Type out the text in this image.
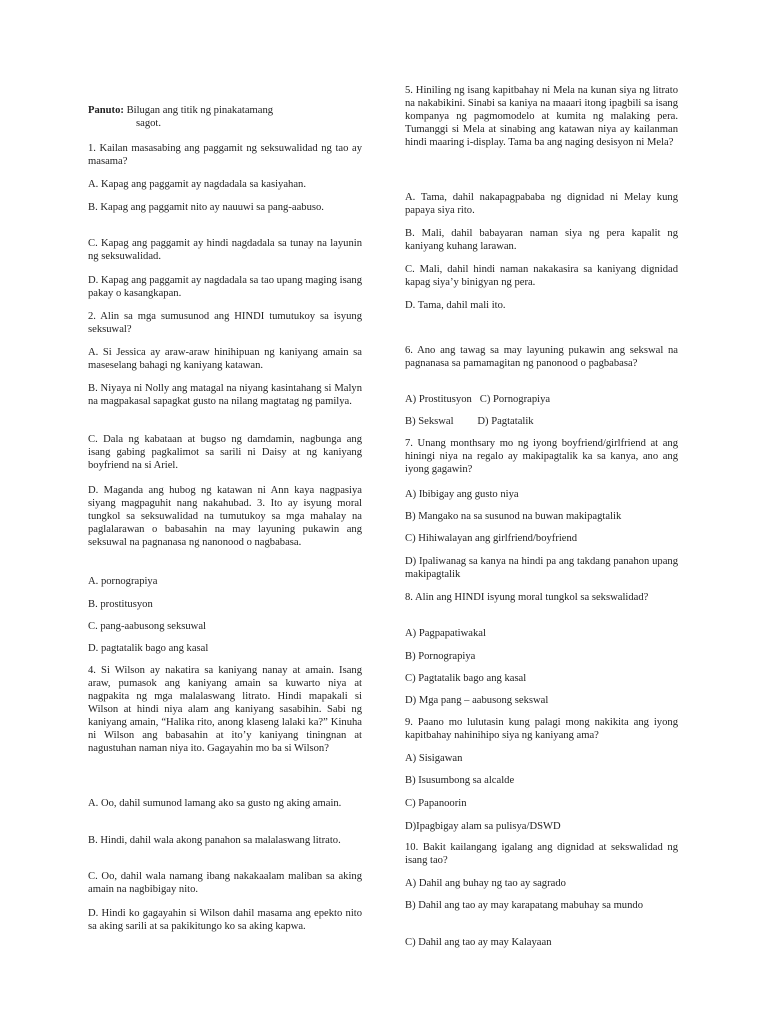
Panuto: Bilugan ang titik ng pinakatamang
sagot.

1. Kailan masasabing ang paggamit ng seksuwalidad ng tao ay masama?

A. Kapag ang paggamit ay nagdadala sa kasiyahan.

B. Kapag ang paggamit nito ay nauuwi sa pang-aabuso.

C. Kapag ang paggamit ay hindi nagdadala sa tunay na layunin ng seksuwalidad.

D. Kapag ang paggamit ay nagdadala sa tao upang maging isang pakay o kasangkapan.

2. Alin sa mga sumusunod ang HINDI tumutukoy sa isyung seksuwal?

A. Si Jessica ay araw-araw hinihipuan ng kaniyang amain sa maseselang bahagi ng kaniyang katawan.

B. Niyaya ni Nolly ang matagal na niyang kasintahang si Malyn na magpakasal sapagkat gusto na nilang magtatag ng pamilya.

C. Dala ng kabataan at bugso ng damdamin, nagbunga ang isang gabing pagkalimot sa sarili ni Daisy at ng kaniyang boyfriend na si Ariel.

D. Maganda ang hubog ng katawan ni Ann kaya nagpasiya siyang magpaguhit nang nakahubad. 3. Ito ay isyung moral tungkol sa seksuwalidad na tumutukoy sa mga mahalay na paglalarawan o babasahin na may layuning pukawin ang seksuwal na pagnanasa ng nanonood o nagbabasa.

A. pornograpiya

B. prostitusyon

C. pang-aabusong seksuwal

D. pagtatalik bago ang kasal

4. Si Wilson ay nakatira sa kaniyang nanay at amain. Isang araw, pumasok ang kaniyang amain sa kuwarto niya at nagpakita ng mga malalaswang litrato. Hindi mapakali si Wilson at hindi niya alam ang kaniyang sasabihin. Sabi ng kaniyang amain, “Halika rito, anong klaseng lalaki ka?” Kinuha ni Wilson ang babasahin at ito’y kaniyang tiningnan at nagustuhan naman niya ito. Gagayahin mo ba si Wilson?

A. Oo, dahil sumunod lamang ako sa gusto ng aking amain.

B. Hindi, dahil wala akong panahon sa malalaswang litrato.

C. Oo, dahil wala namang ibang nakakaalam maliban sa aking amain na nagbibigay nito.

D. Hindi ko gagayahin si Wilson dahil masama ang epekto nito sa aking sarili at sa pakikitungo ko sa aking kapwa.

5. Hiniling ng isang kapitbahay ni Mela na kunan siya ng litrato na nakabikini. Sinabi sa kaniya na maaari itong ipagbili sa isang kompanya ng pagmomodelo at kumita ng malaking pera. Tumanggi si Mela at sinabing ang katawan niya ay kailanman hindi maaring i-display. Tama ba ang naging desisyon ni Mela?

A. Tama, dahil nakapagpababa ng dignidad ni Melay kung papaya siya rito.

B. Mali, dahil babayaran naman siya ng pera kapalit ng kaniyang kuhang larawan.

C. Mali, dahil hindi naman nakakasira sa kaniyang dignidad kapag siya’y binigyan ng pera.

D. Tama, dahil mali ito.

6. Ano ang tawag sa may layuning pukawin ang sekswal na pagnanasa sa pamamagitan ng panonood o pagbabasa?

A) Prostitusyon   C) Pornograpiya

B) Sekswal         D) Pagtatalik

7. Unang monthsary mo ng iyong boyfriend/girlfriend at ang hiningi niya na regalo ay makipagtalik ka sa kanya, ano ang iyong gagawin?

A) Ibibigay ang gusto niya

B) Mangako na sa susunod na buwan makipagtalik

C) Hihiwalayan ang girlfriend/boyfriend

D) Ipaliwanag sa kanya na hindi pa ang takdang panahon upang makipagtalik

8. Alin ang HINDI isyung moral tungkol sa sekswalidad?

A) Pagpapatiwakal

B) Pornograpiya

C) Pagtatalik bago ang kasal

D) Mga pang – aabusong sekswal

9. Paano mo lulutasin kung palagi mong nakikita ang iyong kapitbahay nahinihipo siya ng kaniyang ama?

A) Sisigawan

B) Isusumbong sa alcalde

C) Papanoorin

D)Ipagbigay alam sa pulisya/DSWD

10. Bakit kailangang igalang ang dignidad at sekswalidad ng isang tao?

A) Dahil ang buhay ng tao ay sagrado

B) Dahil ang tao ay may karapatang mabuhay sa mundo

C) Dahil ang tao ay may Kalayaan
